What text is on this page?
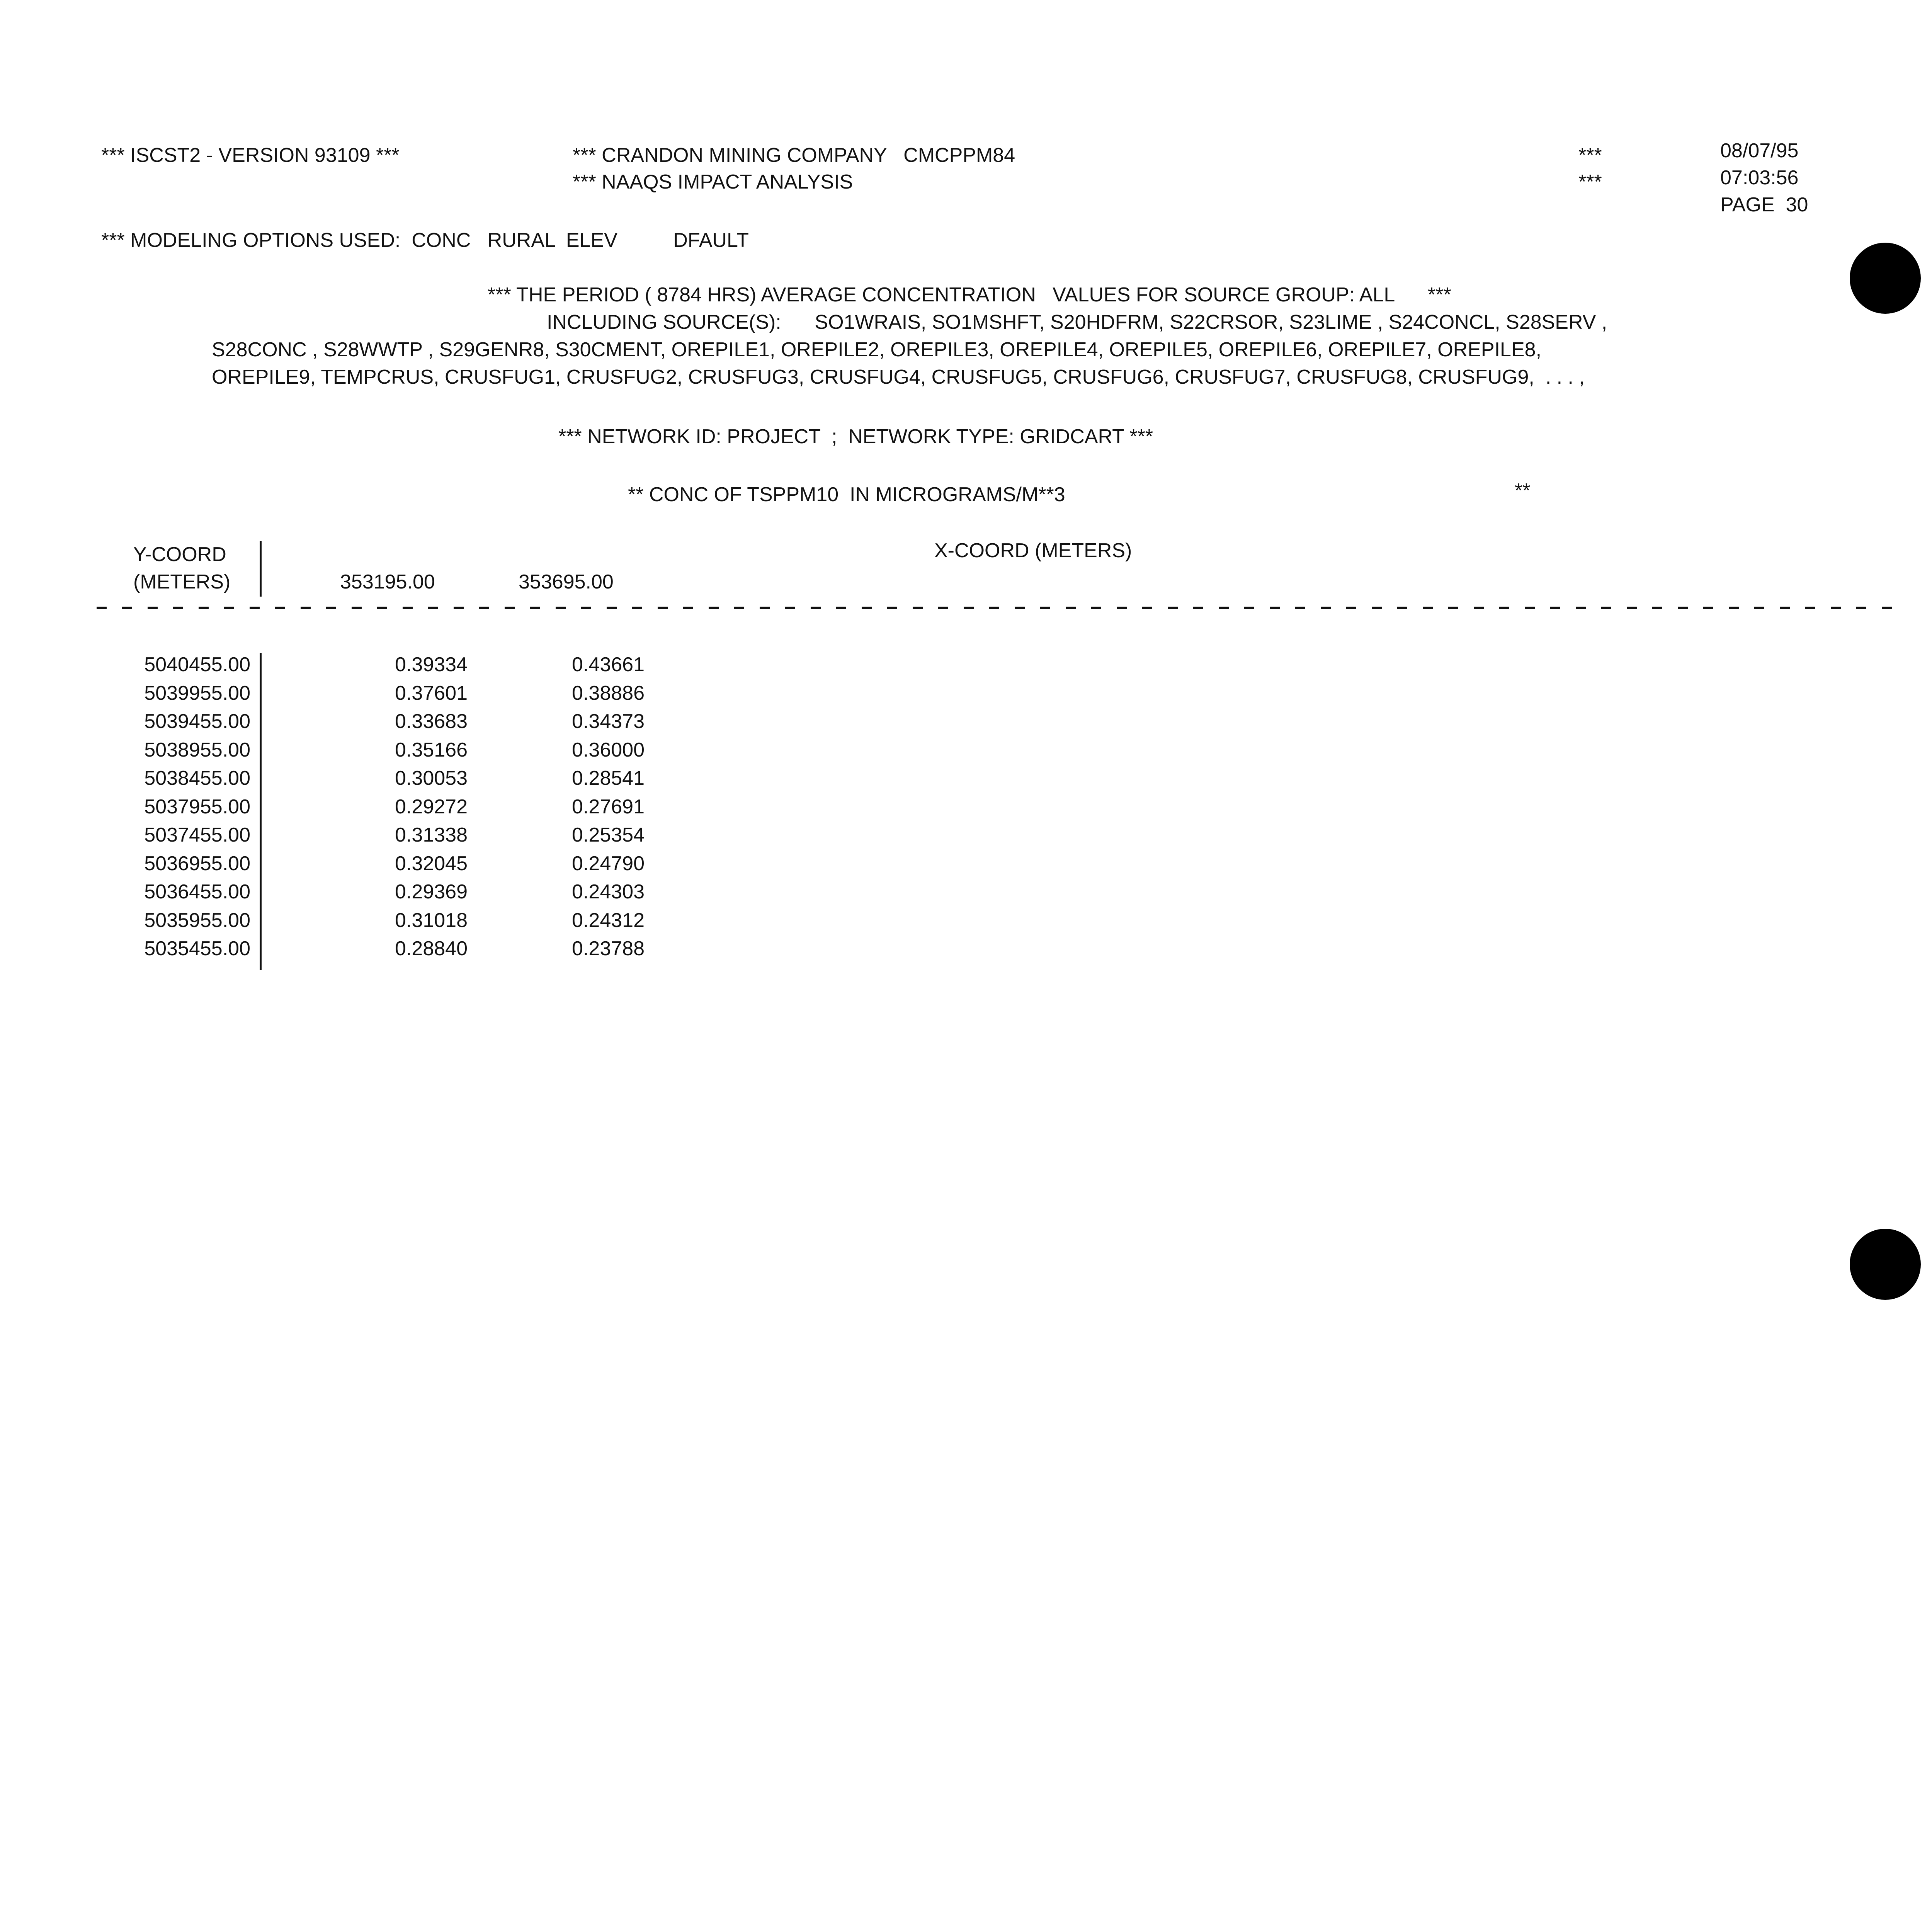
*** ISCST2 - VERSION 93109 ***	*** CRANDON MINING COMPANY   CMCPPM84
*** NAAQS IMPACT ANALYSIS
***
***
08/07/95
07:03:56
PAGE  30
*** MODELING OPTIONS USED:  CONC   RURAL  ELEV          DFAULT
*** THE PERIOD ( 8784 HRS) AVERAGE CONCENTRATION   VALUES FOR SOURCE GROUP: ALL      ***
INCLUDING SOURCE(S):      SO1WRAIS, SO1MSHFT, S20HDFRM, S22CRSOR, S23LIME , S24CONCL, S28SERV ,
S28CONC , S28WWTP , S29GENR8, S30CMENT, OREPILE1, OREPILE2, OREPILE3, OREPILE4, OREPILE5, OREPILE6, OREPILE7, OREPILE8,
OREPILE9, TEMPCRUS, CRUSFUG1, CRUSFUG2, CRUSFUG3, CRUSFUG4, CRUSFUG5, CRUSFUG6, CRUSFUG7, CRUSFUG8, CRUSFUG9,  . . . ,
*** NETWORK ID: PROJECT  ;  NETWORK TYPE: GRIDCART ***
** CONC OF TSPPM10  IN MICROGRAMS/M**3	**
Y-COORD
(METERS)
X-COORD (METERS)
353195.00	353695.00
5040455.00	0.39334	0.43661
5039955.00	0.37601	0.38886
5039455.00	0.33683	0.34373
5038955.00	0.35166	0.36000
5038455.00	0.30053	0.28541
5037955.00	0.29272	0.27691
5037455.00	0.31338	0.25354
5036955.00	0.32045	0.24790
5036455.00	0.29369	0.24303
5035955.00	0.31018	0.24312
5035455.00	0.28840	0.23788
